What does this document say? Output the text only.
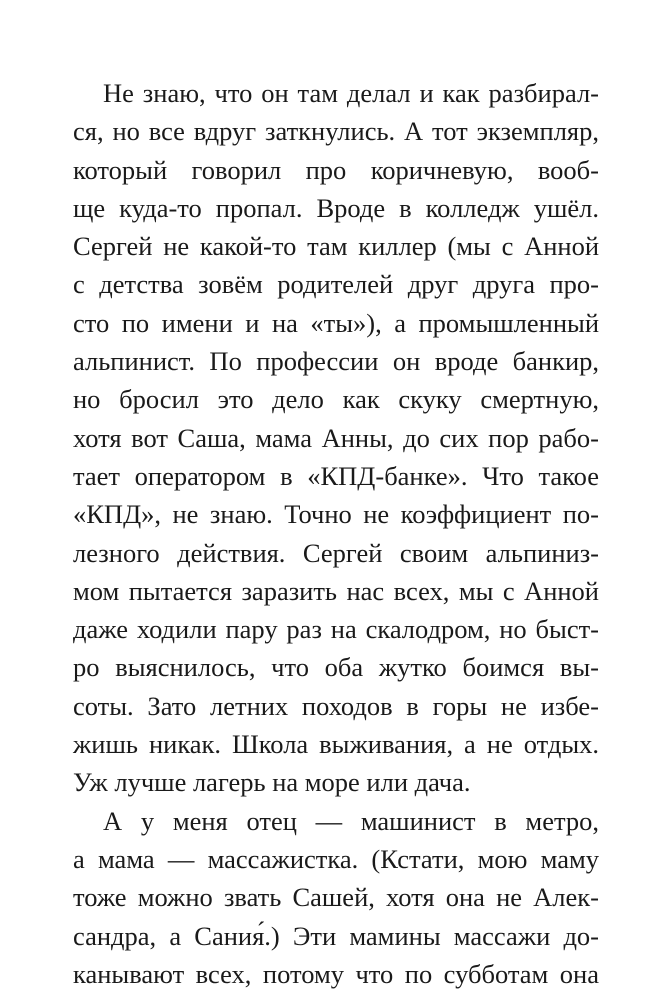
Не знаю, что он там делал и как разбирал-
ся, но все вдруг заткнулись. А тот экземпляр,
который говорил про коричневую, вооб-
ще куда-то пропал. Вроде в колледж ушёл.
Сергей не какой-то там киллер (мы с Анной
с детства зовём родителей друг друга про-
сто по имени и на «ты»), а промышленный
альпинист. По профессии он вроде банкир,
но бросил это дело как скуку смертную,
хотя вот Саша, мама Анны, до сих пор рабо-
тает оператором в «КПД-банке». Что такое
«КПД», не знаю. Точно не коэффициент по-
лезного действия. Сергей своим альпиниз-
мом пытается заразить нас всех, мы с Анной
даже ходили пару раз на скалодром, но быст-
ро выяснилось, что оба жутко боимся вы-
соты. Зато летних походов в горы не избе-
жишь никак. Школа выживания, а не отдых.
Уж лучше лагерь на море или дача.
А у меня отец — машинист в метро,
а мама — массажистка. (Кстати, мою маму
тоже можно звать Сашей, хотя она не Алек-
сандра, а Сания́.) Эти мамины массажи до-
канывают всех, потому что по субботам она
